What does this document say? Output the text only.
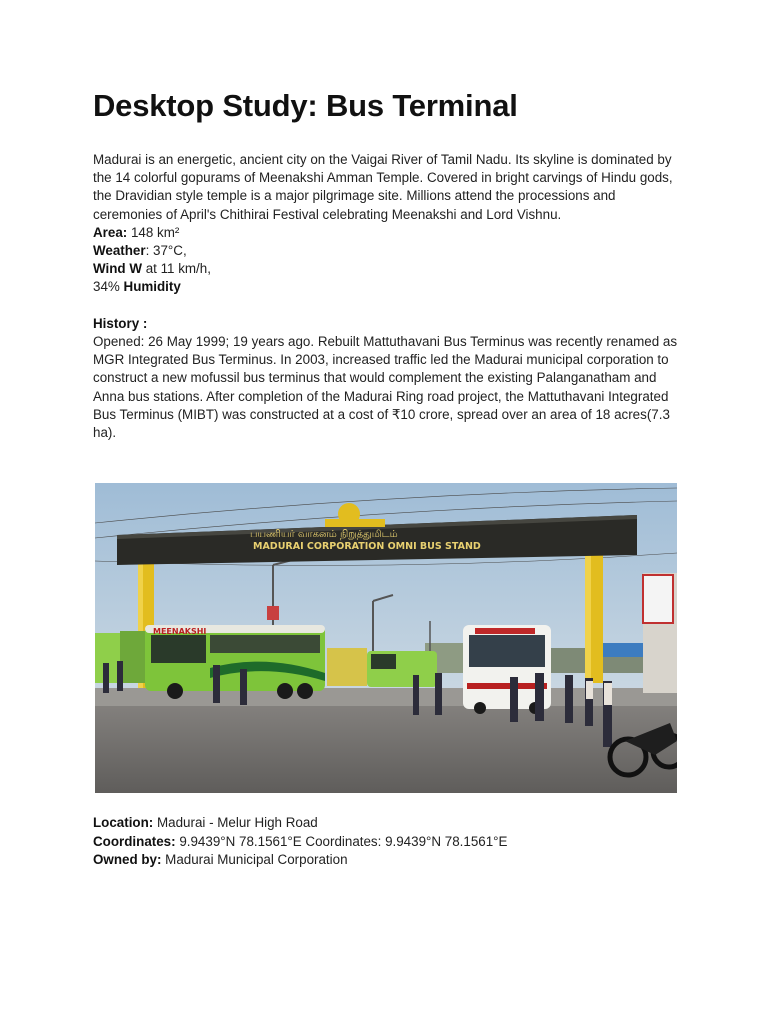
Desktop Study: Bus Terminal

Madurai is an energetic, ancient city on the Vaigai River of Tamil Nadu. Its skyline is dominated by the 14 colorful gopurams of Meenakshi Amman Temple. Covered in bright carvings of Hindu gods, the Dravidian style temple is a major pilgrimage site. Millions attend the processions and ceremonies of April's Chithirai Festival celebrating Meenakshi and Lord Vishnu.

Area: 148 km²

Weather: 37°C,

Wind W at 11 km/h,

34% Humidity

History :

Opened: 26 May 1999; 19 years ago. Rebuilt Mattuthavani Bus Terminus was recently renamed as MGR Integrated Bus Terminus. In 2003, increased traffic led the Madurai municipal corporation to construct a new mofussil bus terminus that would complement the existing Palanganatham and Anna bus stations. After completion of the Madurai Ring road project, the Mattuthavani Integrated Bus Terminus (MIBT) was constructed at a cost of ₹10 crore, spread over an area of 18 acres(7.3 ha).

பயணியர் வாகனம் நிறுத்துமிடம்
MADURAI CORPORATION OMNI BUS STAND
MEENAKSHI

Location: Madurai - Melur High Road

Coordinates: 9.9439°N 78.1561°E Coordinates: 9.9439°N 78.1561°E

Owned by: Madurai Municipal Corporation
